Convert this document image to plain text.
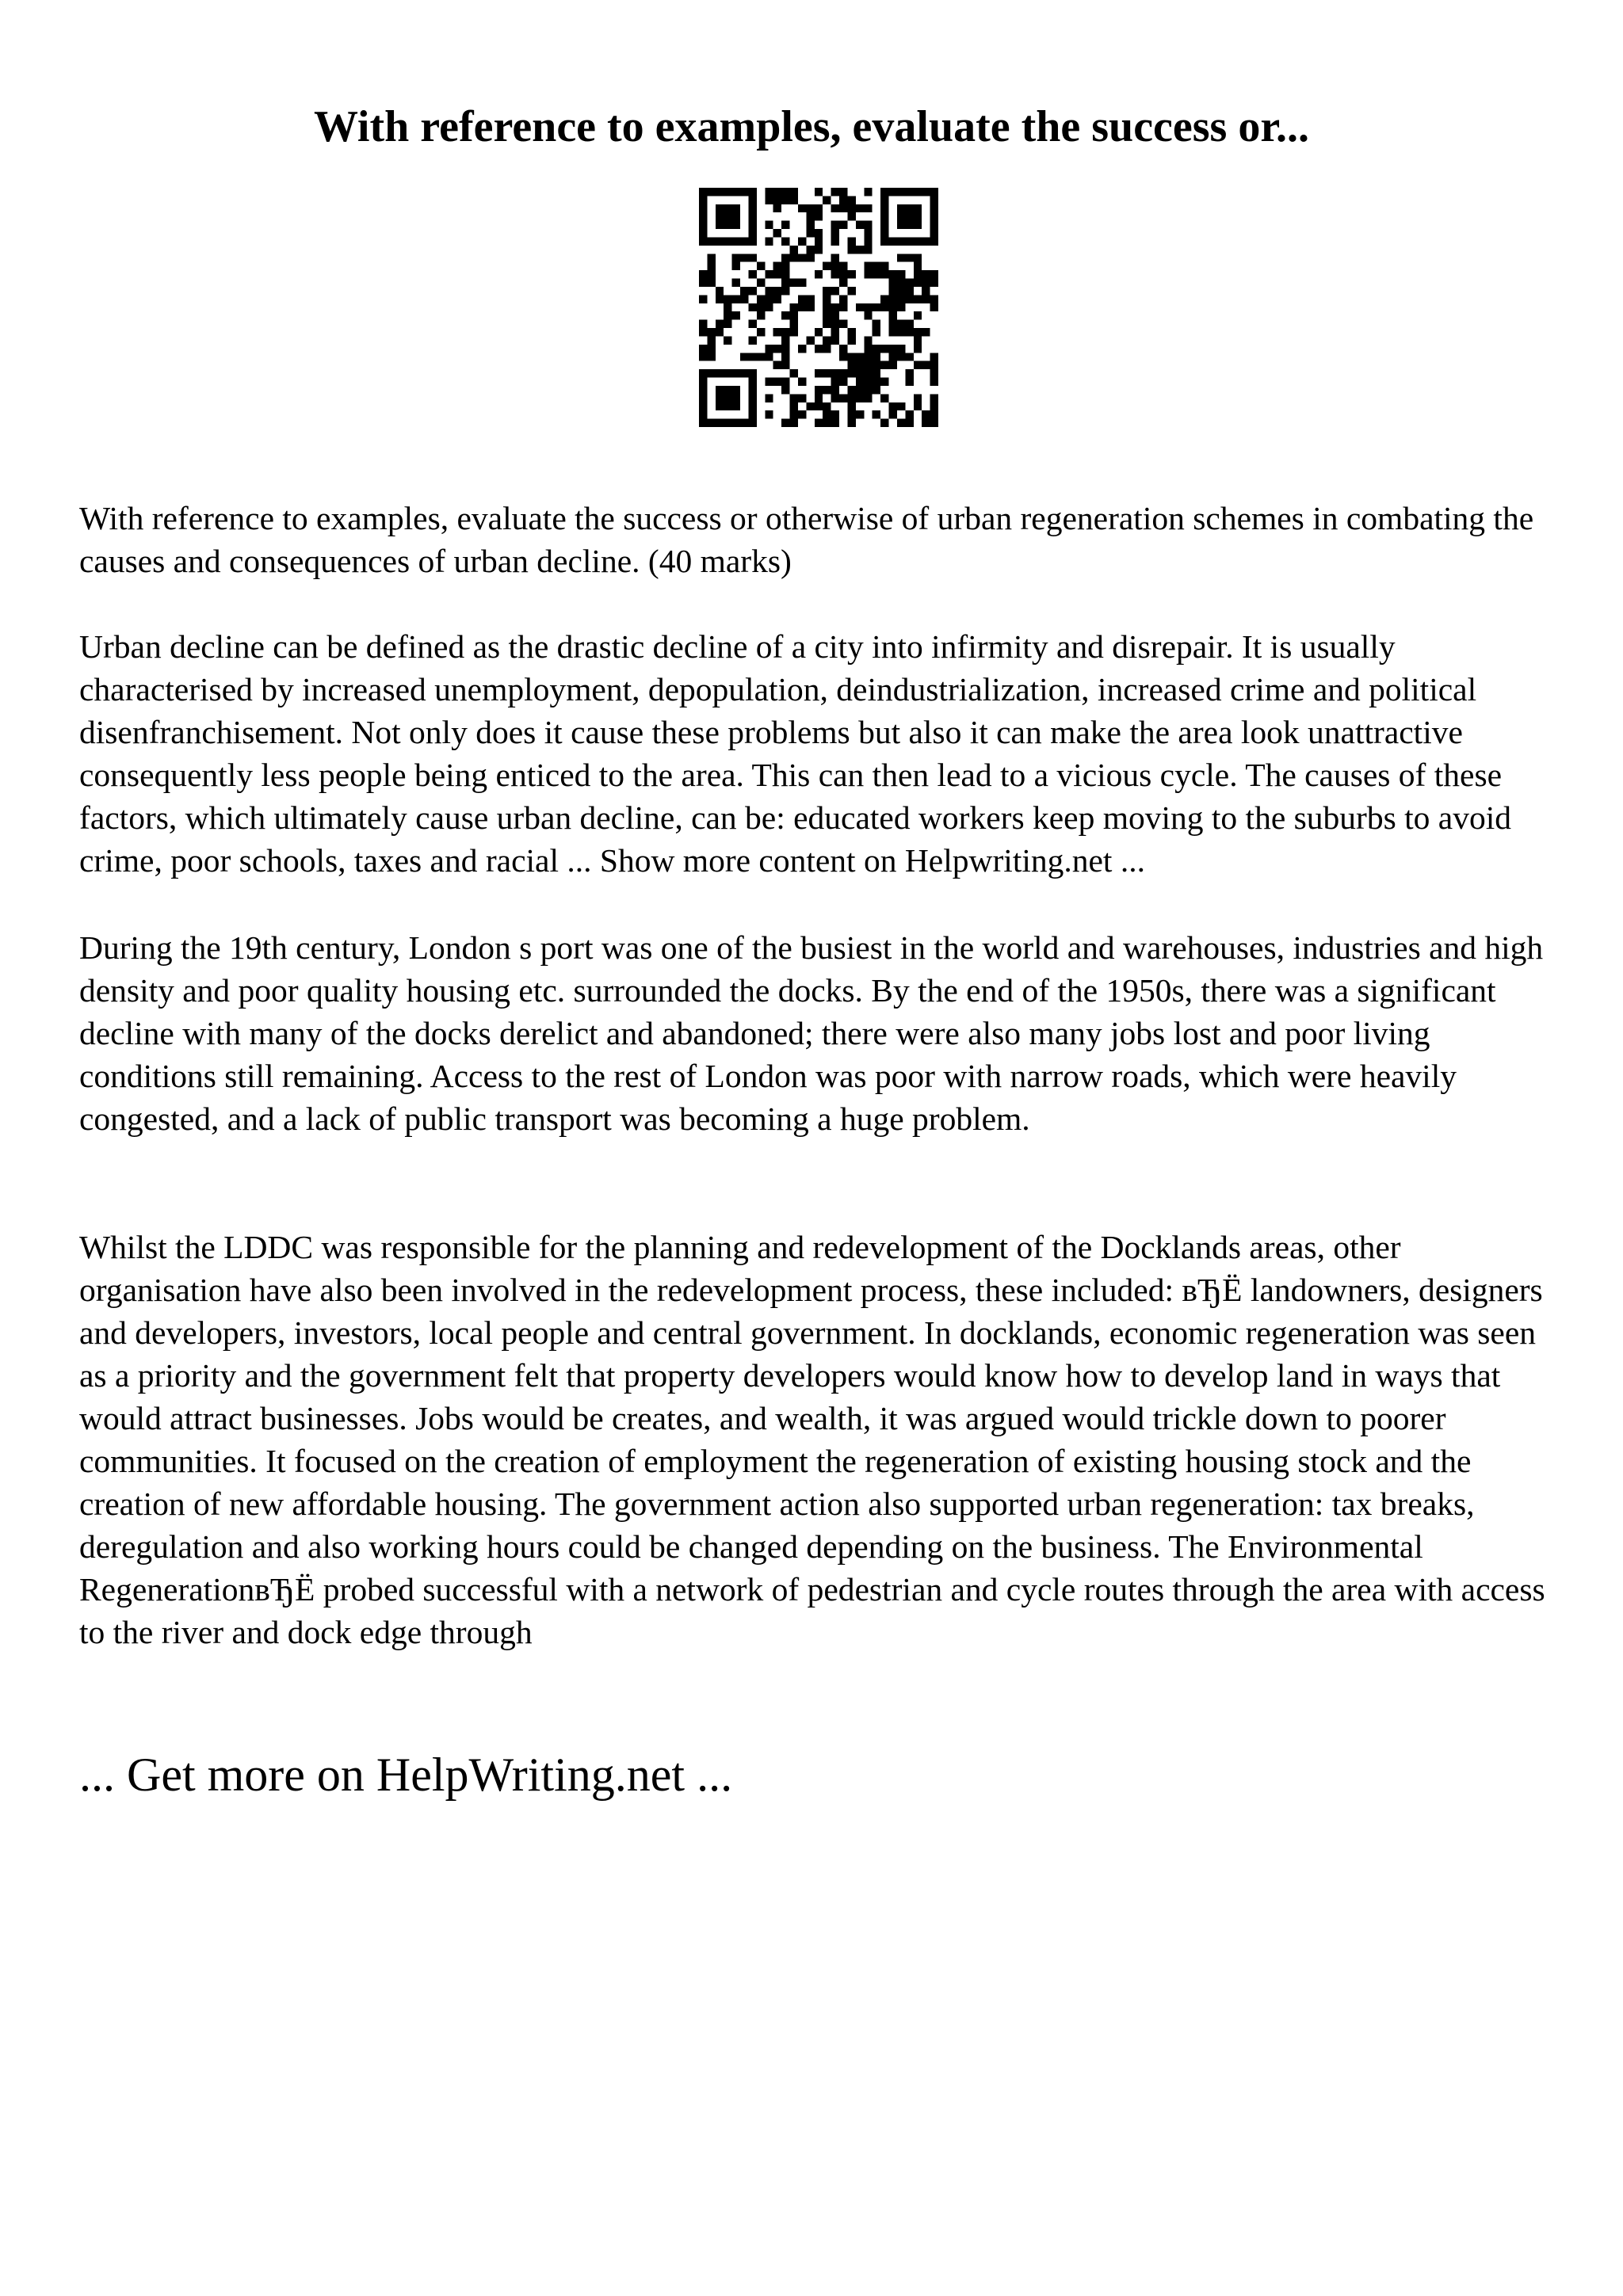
With reference to examples, evaluate the success or...

With reference to examples, evaluate the success or otherwise of urban regeneration schemes in combating the causes and consequences of urban decline. (40 marks)

Urban decline can be defined as the drastic decline of a city into infirmity and disrepair. It is usually characterised by increased unemployment, depopulation, deindustrialization, increased crime and political disenfranchisement. Not only does it cause these problems but also it can make the area look unattractive consequently less people being enticed to the area. This can then lead to a vicious cycle. The causes of these factors, which ultimately cause urban decline, can be: educated workers keep moving to the suburbs to avoid crime, poor schools, taxes and racial ... Show more content on Helpwriting.net ...

During the 19th century, London s port was one of the busiest in the world and warehouses, industries and high density and poor quality housing etc. surrounded the docks. By the end of the 1950s, there was a significant decline with many of the docks derelict and abandoned; there were also many jobs lost and poor living conditions still remaining. Access to the rest of London was poor with narrow roads, which were heavily congested, and a lack of public transport was becoming a huge problem.

Whilst the LDDC was responsible for the planning and redevelopment of the Docklands areas, other organisation have also been involved in the redevelopment process, these included: вЂЁ landowners, designers and developers, investors, local people and central government. In docklands, economic regeneration was seen as a priority and the government felt that property developers would know how to develop land in ways that would attract businesses. Jobs would be creates, and wealth, it was argued would trickle down to poorer communities. It focused on the creation of employment the regeneration of existing housing stock and the creation of new affordable housing. The government action also supported urban regeneration: tax breaks, deregulation and also working hours could be changed depending on the business. The Environmental RegenerationвЂЁ probed successful with a network of pedestrian and cycle routes through the area with access to the river and dock edge through

... Get more on HelpWriting.net ...
